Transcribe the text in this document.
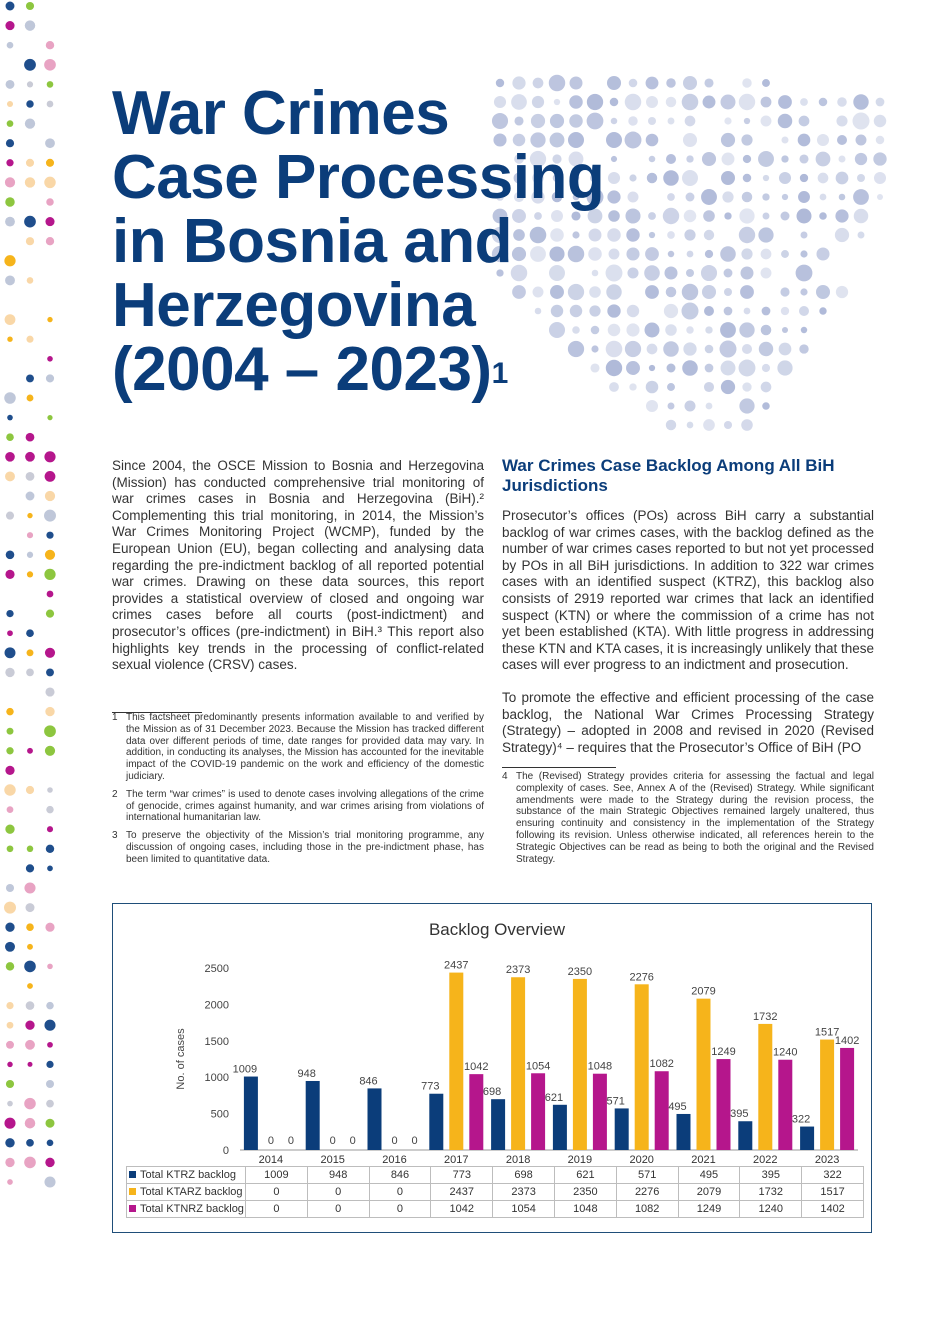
War Crimes
Case Processing
in Bosnia and
Herzegovina
(2004 – 2023)$^1$

Since 2004, the OSCE Mission to Bosnia and Herzegovina (Mission) has conducted comprehensive trial monitoring of war crimes cases in Bosnia and Herzegovina (BiH).² Complementing this trial monitoring, in 2014, the Mission’s War Crimes Monitoring Project (WCMP), funded by the European Union (EU), began collecting and analysing data regarding the pre-indictment backlog of all reported potential war crimes. Drawing on these data sources, this report provides a statistical overview of closed and ongoing war crimes cases before all courts (post-indictment) and prosecutor’s offices (pre-indictment) in BiH.³ This report also highlights key trends in the processing of conflict-related sexual violence (CRSV) cases.

1 This factsheet predominantly presents information available to and verified by the Mission as of 31 December 2023. Because the Mission has tracked different data over different periods of time, date ranges for provided data may vary. In addition, in conducting its analyses, the Mission has accounted for the inevitable impact of the COVID-19 pandemic on the work and efficiency of the domestic judiciary.
2 The term “war crimes” is used to denote cases involving allegations of the crime of genocide, crimes against humanity, and war crimes arising from violations of international humanitarian law.
3 To preserve the objectivity of the Mission’s trial monitoring programme, any discussion of ongoing cases, including those in the pre-indictment phase, has been limited to quantitative data.
War Crimes Case Backlog Among All BiH Jurisdictions

Prosecutor’s offices (POs) across BiH carry a substantial backlog of war crimes cases, with the backlog defined as the number of war crimes cases reported to but not yet processed by POs in all BiH jurisdictions. In addition to 322 war crimes cases with an identified suspect (KTRZ), this backlog also consists of 2919 reported war crimes that lack an identified suspect (KTN) or where the commission of a crime has not yet been established (KTA). With little progress in addressing these KTN and KTA cases, it is increasingly unlikely that these cases will ever progress to an indictment and prosecution.

To promote the effective and efficient processing of the case backlog, the National War Crimes Processing Strategy (Strategy) – adopted in 2008 and revised in 2020 (Revised Strategy)⁴ – requires that the Prosecutor’s Office of BiH (PO

4 The (Revised) Strategy provides criteria for assessing the factual and legal complexity of cases. See, Annex A of the (Revised) Strategy. While significant amendments were made to the Strategy during the revision process, the substance of the main Strategic Objectives remained largely unaltered, thus ensuring continuity and consistency in the implementation of the Strategy following its revision. Unless otherwise indicated, all references herein to the Strategic Objectives can be read as being to both the original and the Revised Strategy.
Backlog Overview
No. of cases
0
500
1000
1500
2000
2500
2014
1009
0 0
2015
948
0 0
2016
846
0 0
2017
773
2437
1042
2018
698
2373
1054
2019
621
2350
1048
2020
571
2276
1082
2021
495
2079
1249
2022
395
1732
1240
2023
322
1517
1402
Total KTRZ backlog	1009	948	846	773	698	621	571	495	395	322
Total KTARZ backlog	0	0	0	2437	2373	2350	2276	2079	1732	1517
Total KTNRZ backlog	0	0	0	1042	1054	1048	1082	1249	1240	1402
